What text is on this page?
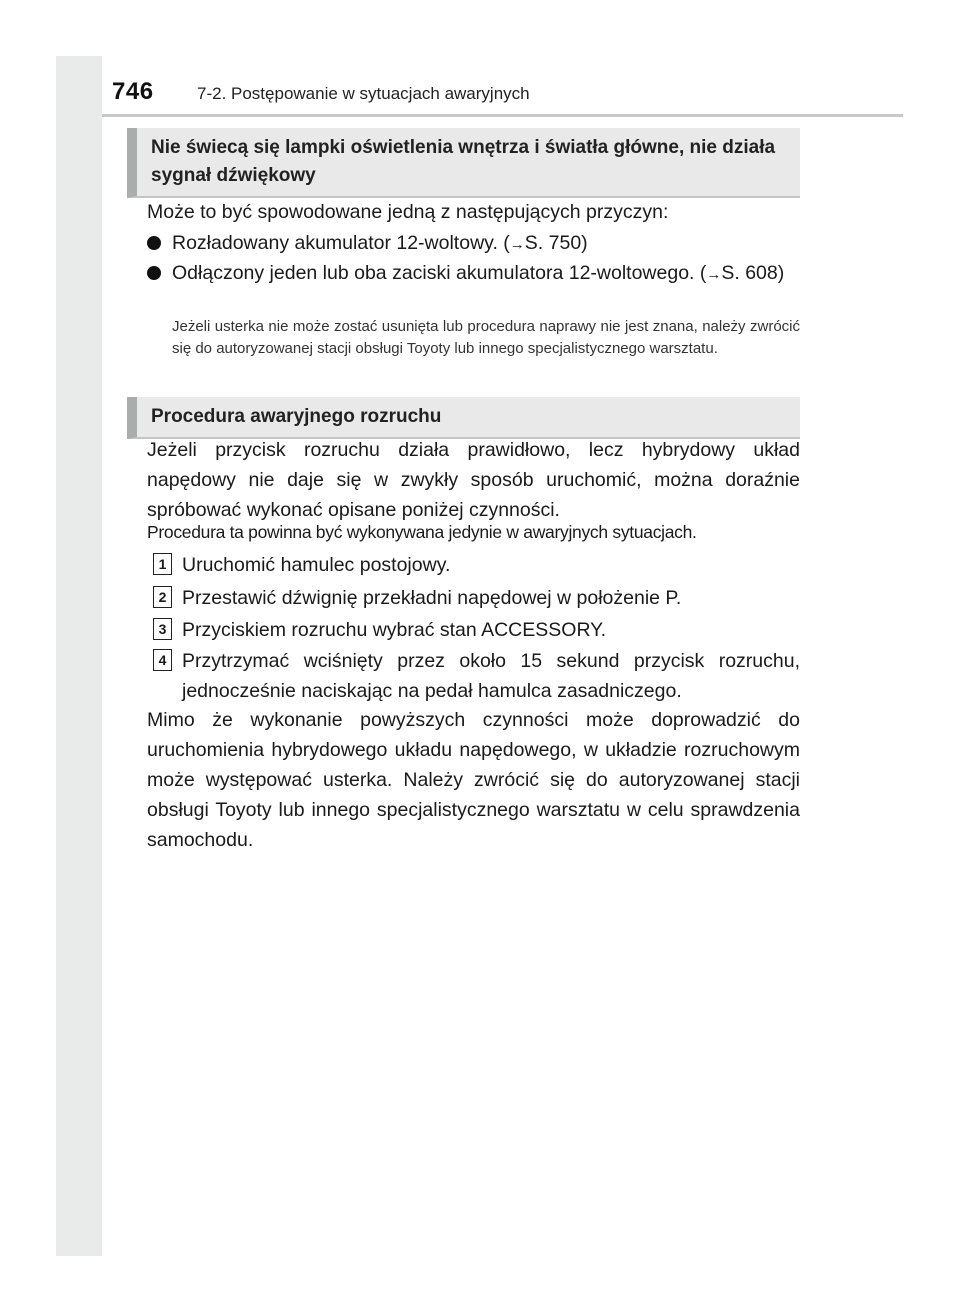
746	7-2. Postępowanie w sytuacjach awaryjnych
Nie świecą się lampki oświetlenia wnętrza i światła główne, nie działa sygnał dźwiękowy

Może to być spowodowane jedną z następujących przyczyn:

Rozładowany akumulator 12-woltowy. (→S. 750)
Odłączony jeden lub oba zaciski akumulatora 12-woltowego. (→S. 608)

Jeżeli usterka nie może zostać usunięta lub procedura naprawy nie jest znana, należy zwrócić się do autoryzowanej stacji obsługi Toyoty lub innego specjalistycznego warsztatu.

Procedura awaryjnego rozruchu

Jeżeli przycisk rozruchu działa prawidłowo, lecz hybrydowy układ napędowy nie daje się w zwykły sposób uruchomić, można doraźnie spróbować wykonać opisane poniżej czynności.

Procedura ta powinna być wykonywana jedynie w awaryjnych sytuacjach.

1 Uruchomić hamulec postojowy.
2 Przestawić dźwignię przekładni napędowej w położenie P.
3 Przyciskiem rozruchu wybrać stan ACCESSORY.
4 Przytrzymać wciśnięty przez około 15 sekund przycisk rozruchu, jednocześnie naciskając na pedał hamulca zasadniczego.

Mimo że wykonanie powyższych czynności może doprowadzić do uruchomienia hybrydowego układu napędowego, w układzie rozruchowym może występować usterka. Należy zwrócić się do autoryzowanej stacji obsługi Toyoty lub innego specjalistycznego warsztatu w celu sprawdzenia samochodu.
